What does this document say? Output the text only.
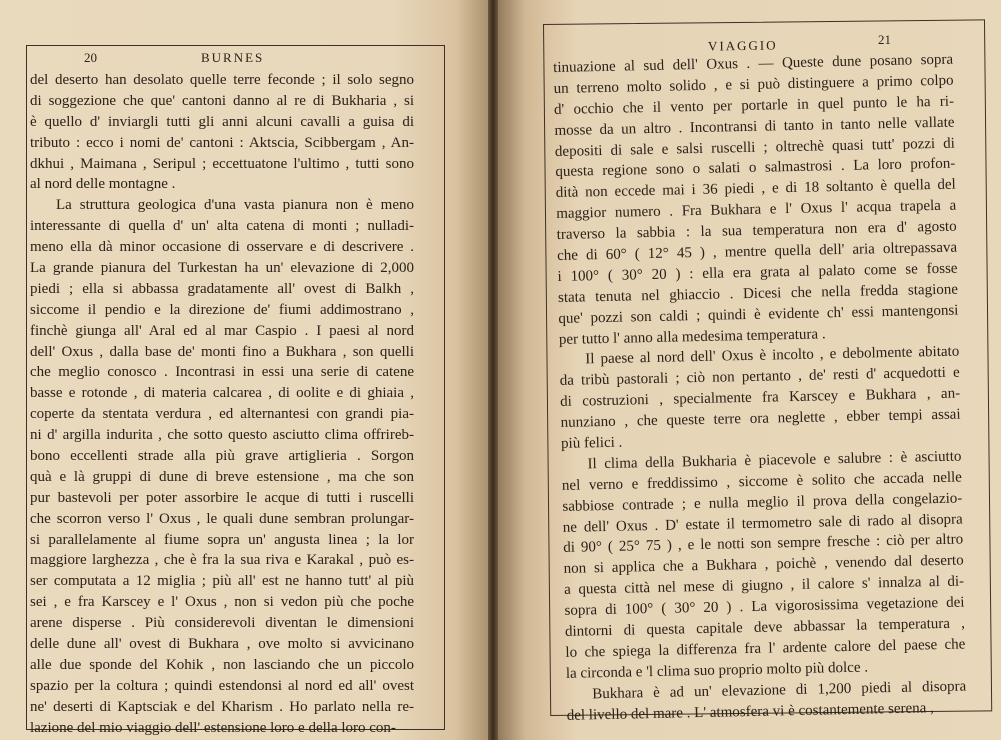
20	BURNES
del deserto han desolato quelle terre feconde ; il solo segno
di soggezione che que' cantoni danno al re di Bukharia , si
è quello d' inviargli tutti gli anni alcuni cavalli a guisa di
tributo : ecco i nomi de' cantoni : Aktscia, Scibbergam , An-
dkhui , Maimana , Seripul ; eccettuatone l'ultimo , tutti sono
al nord delle montagne .
La struttura geologica d'una vasta pianura non è meno
interessante di quella d' un' alta catena di monti ; nulladi-
meno ella dà minor occasione di osservare e di descrivere .
La grande pianura del Turkestan ha un' elevazione di 2,000
piedi ; ella si abbassa gradatamente all' ovest di Balkh ,
siccome il pendio e la direzione de' fiumi addimostrano ,
finchè giunga all' Aral ed al mar Caspio . I paesi al nord
dell' Oxus , dalla base de' monti fino a Bukhara , son quelli
che meglio conosco . Incontrasi in essi una serie di catene
basse e rotonde , di materia calcarea , di oolite e di ghiaia ,
coperte da stentata verdura , ed alternantesi con grandi pia-
ni d' argilla indurita , che sotto questo asciutto clima offrireb-
bono eccellenti strade alla più grave artiglieria . Sorgon
quà e là gruppi di dune di breve estensione , ma che son
pur bastevoli per poter assorbire le acque di tutti i ruscelli
che scorron verso l' Oxus , le quali dune sembran prolungar-
si parallelamente al fiume sopra un' angusta linea ; la lor
maggiore larghezza , che è fra la sua riva e Karakal , può es-
ser computata a 12 miglia ; più all' est ne hanno tutt' al più
sei , e fra Karscey e l' Oxus , non si vedon più che poche
arene disperse . Più considerevoli diventan le dimensioni
delle dune all' ovest di Bukhara , ove molto si avvicinano
alle due sponde del Kohik , non lasciando che un piccolo
spazio per la coltura ; quindi estendonsi al nord ed all' ovest
ne' deserti di Kaptsciak e del Kharism . Ho parlato nella re-
lazione del mio viaggio dell' estensione loro e della loro con-
VIAGGIO	21
tinuazione al sud dell' Oxus . — Queste dune posano sopra
un terreno molto solido , e si può distinguere a primo colpo
d' occhio che il vento per portarle in quel punto le ha ri-
mosse da un altro . Incontransi di tanto in tanto nelle vallate
depositi di sale e salsi ruscelli ; oltrechè quasi tutt' pozzi di
questa regione sono o salati o salmastrosi . La loro profon-
dità non eccede mai i 36 piedi , e di 18 soltanto è quella del
maggior numero . Fra Bukhara e l' Oxus l' acqua trapela a
traverso la sabbia : la sua temperatura non era d' agosto
che di 60° ( 12° 45 ) , mentre quella dell' aria oltrepassava
i 100° ( 30° 20 ) : ella era grata al palato come se fosse
stata tenuta nel ghiaccio . Dicesi che nella fredda stagione
que' pozzi son caldi ; quindi è evidente ch' essi mantengonsi
per tutto l' anno alla medesima temperatura .
Il paese al nord dell' Oxus è incolto , e debolmente abitato
da tribù pastorali ; ciò non pertanto , de' resti d' acquedotti e
di costruzioni , specialmente fra Karscey e Bukhara , an-
nunziano , che queste terre ora neglette , ebber tempi assai
più felici .
Il clima della Bukharia è piacevole e salubre : è asciutto
nel verno e freddissimo , siccome è solito che accada nelle
sabbiose contrade ; e nulla meglio il prova della congelazio-
ne dell' Oxus . D' estate il termometro sale di rado al disopra
di 90° ( 25° 75 ) , e le notti son sempre fresche : ciò per altro
non si applica che a Bukhara , poichè , venendo dal deserto
a questa città nel mese di giugno , il calore s' innalza al di-
sopra di 100° ( 30° 20 ) . La vigorosissima vegetazione dei
dintorni di questa capitale deve abbassar la temperatura ,
lo che spiega la differenza fra l' ardente calore del paese che
la circonda e 'l clima suo proprio molto più dolce .
Bukhara è ad un' elevazione di 1,200 piedi al disopra
del livello del mare . L' atmosfera vi è costantemente serena ,
